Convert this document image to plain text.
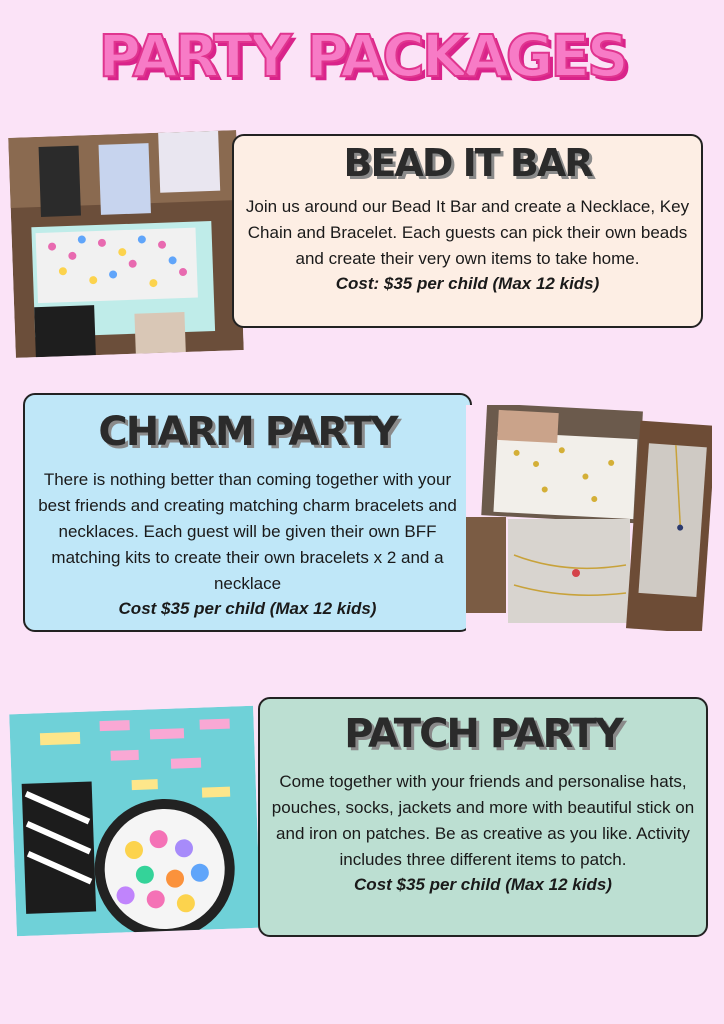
PARTY PACKAGES
BEAD IT BAR

Join us around our Bead It Bar and create a Necklace, Key Chain and Bracelet. Each guests can pick their own beads and create their very own items to take home.

Cost: $35 per child (Max 12 kids)
CHARM PARTY

There is nothing better than coming together with your best friends and creating matching charm bracelets and necklaces. Each guest will be given their own BFF matching kits to create their own bracelets x 2 and a necklace

Cost $35 per child (Max 12 kids)
PATCH PARTY

Come together with your friends and personalise hats, pouches, socks, jackets and more with beautiful stick on and iron on patches. Be as creative as you like. Activity includes three different items to patch.

Cost $35 per child (Max 12 kids)
